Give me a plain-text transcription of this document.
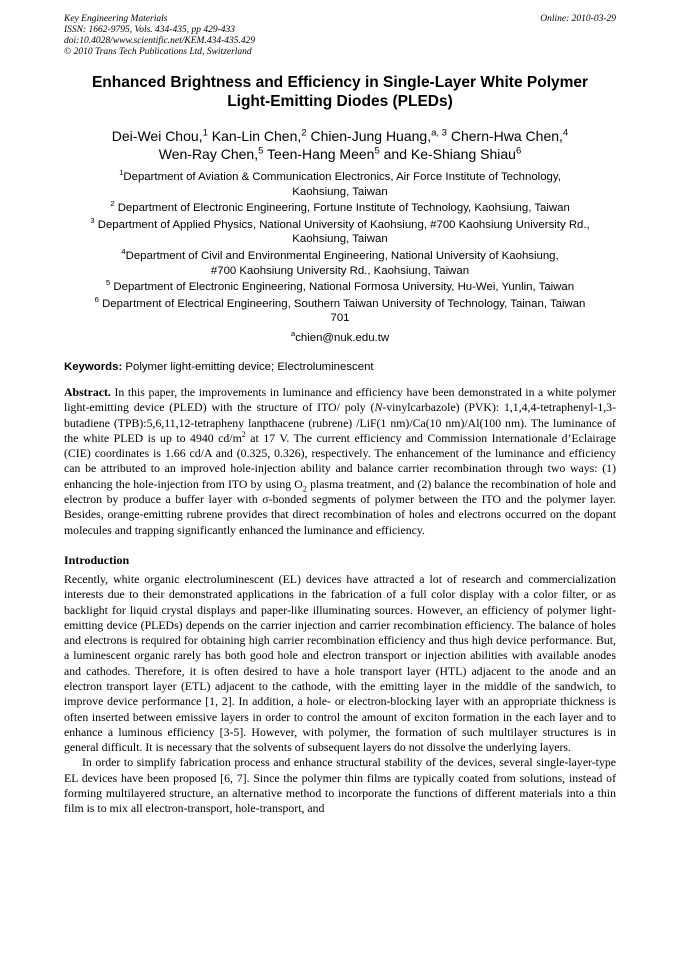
Key Engineering Materials
ISSN: 1662-9795, Vols. 434-435, pp 429-433
doi:10.4028/www.scientific.net/KEM.434-435.429
© 2010 Trans Tech Publications Ltd, Switzerland
Online: 2010-03-29
Enhanced Brightness and Efficiency in Single-Layer White Polymer
Light-Emitting Diodes (PLEDs)
Dei-Wei Chou,$^1$ Kan-Lin Chen,$^2$ Chien-Jung Huang,$^{a, 3}$ Chern-Hwa Chen,$^4$
Wen-Ray Chen,$^5$ Teen-Hang Meen$^5$ and Ke-Shiang Shiau$^6$
$^1$Department of Aviation & Communication Electronics, Air Force Institute of Technology,
Kaohsiung, Taiwan
$^2$ Department of Electronic Engineering, Fortune Institute of Technology, Kaohsiung, Taiwan
$^3$ Department of Applied Physics, National University of Kaohsiung, #700 Kaohsiung University Rd.,
Kaohsiung, Taiwan
$^4$Department of Civil and Environmental Engineering, National University of Kaohsiung,
#700 Kaohsiung University Rd., Kaohsiung, Taiwan
$^5$ Department of Electronic Engineering, National Formosa University, Hu-Wei, Yunlin, Taiwan
$^6$ Department of Electrical Engineering, Southern Taiwan University of Technology, Tainan, Taiwan
701
$^a$chien@nuk.edu.tw
Keywords: Polymer light-emitting device; Electroluminescent
Abstract. In this paper, the improvements in luminance and efficiency have been demonstrated in a white polymer light-emitting device (PLED) with the structure of ITO/ poly (N-vinylcarbazole) (PVK): 1,1,4,4-tetraphenyl-1,3-butadiene (TPB):5,6,11,12-tetrapheny lanpthacene (rubrene) /LiF(1 nm)/Ca(10 nm)/Al(100 nm). The luminance of the white PLED is up to 4940 $cd/m^2$ at 17 V. The current efficiency and Commission Internationale d’Eclairage (CIE) coordinates is 1.66 cd/A and (0.325, 0.326), respectively. The enhancement of the luminance and efficiency can be attributed to an improved hole-injection ability and balance carrier recombination through two ways: (1) enhancing the hole-injection from ITO by using $O_2$ plasma treatment, and (2) balance the recombination of hole and electron by produce a buffer layer with σ-bonded segments of polymer between the ITO and the polymer layer. Besides, orange-emitting rubrene provides that direct recombination of holes and electrons occurred on the dopant molecules and trapping significantly enhanced the luminance and efficiency.
Introduction

Recently, white organic electroluminescent (EL) devices have attracted a lot of research and commercialization interests due to their demonstrated applications in the fabrication of a full color display with a color filter, or as backlight for liquid crystal displays and paper-like illuminating sources. However, an efficiency of polymer light-emitting device (PLEDs) depends on the carrier injection and carrier recombination efficiency. The balance of holes and electrons is required for obtaining high carrier recombination efficiency and thus high device performance. But, a luminescent organic rarely has both good hole and electron transport or injection abilities with available anodes and cathodes. Therefore, it is often desired to have a hole transport layer (HTL) adjacent to the anode and an electron transport layer (ETL) adjacent to the cathode, with the emitting layer in the middle of the sandwich, to improve device performance [1, 2]. In addition, a hole- or electron-blocking layer with an appropriate thickness is often inserted between emissive layers in order to control the amount of exciton formation in the each layer and to enhance a luminous efficiency [3-5]. However, with polymer, the formation of such multilayer structures is in general difficult. It is necessary that the solvents of subsequent layers do not dissolve the underlying layers.

In order to simplify fabrication process and enhance structural stability of the devices, several single-layer-type EL devices have been proposed [6, 7]. Since the polymer thin films are typically coated from solutions, instead of forming multilayered structure, an alternative method to incorporate the functions of different materials into a thin film is to mix all electron-transport, hole-transport, and
